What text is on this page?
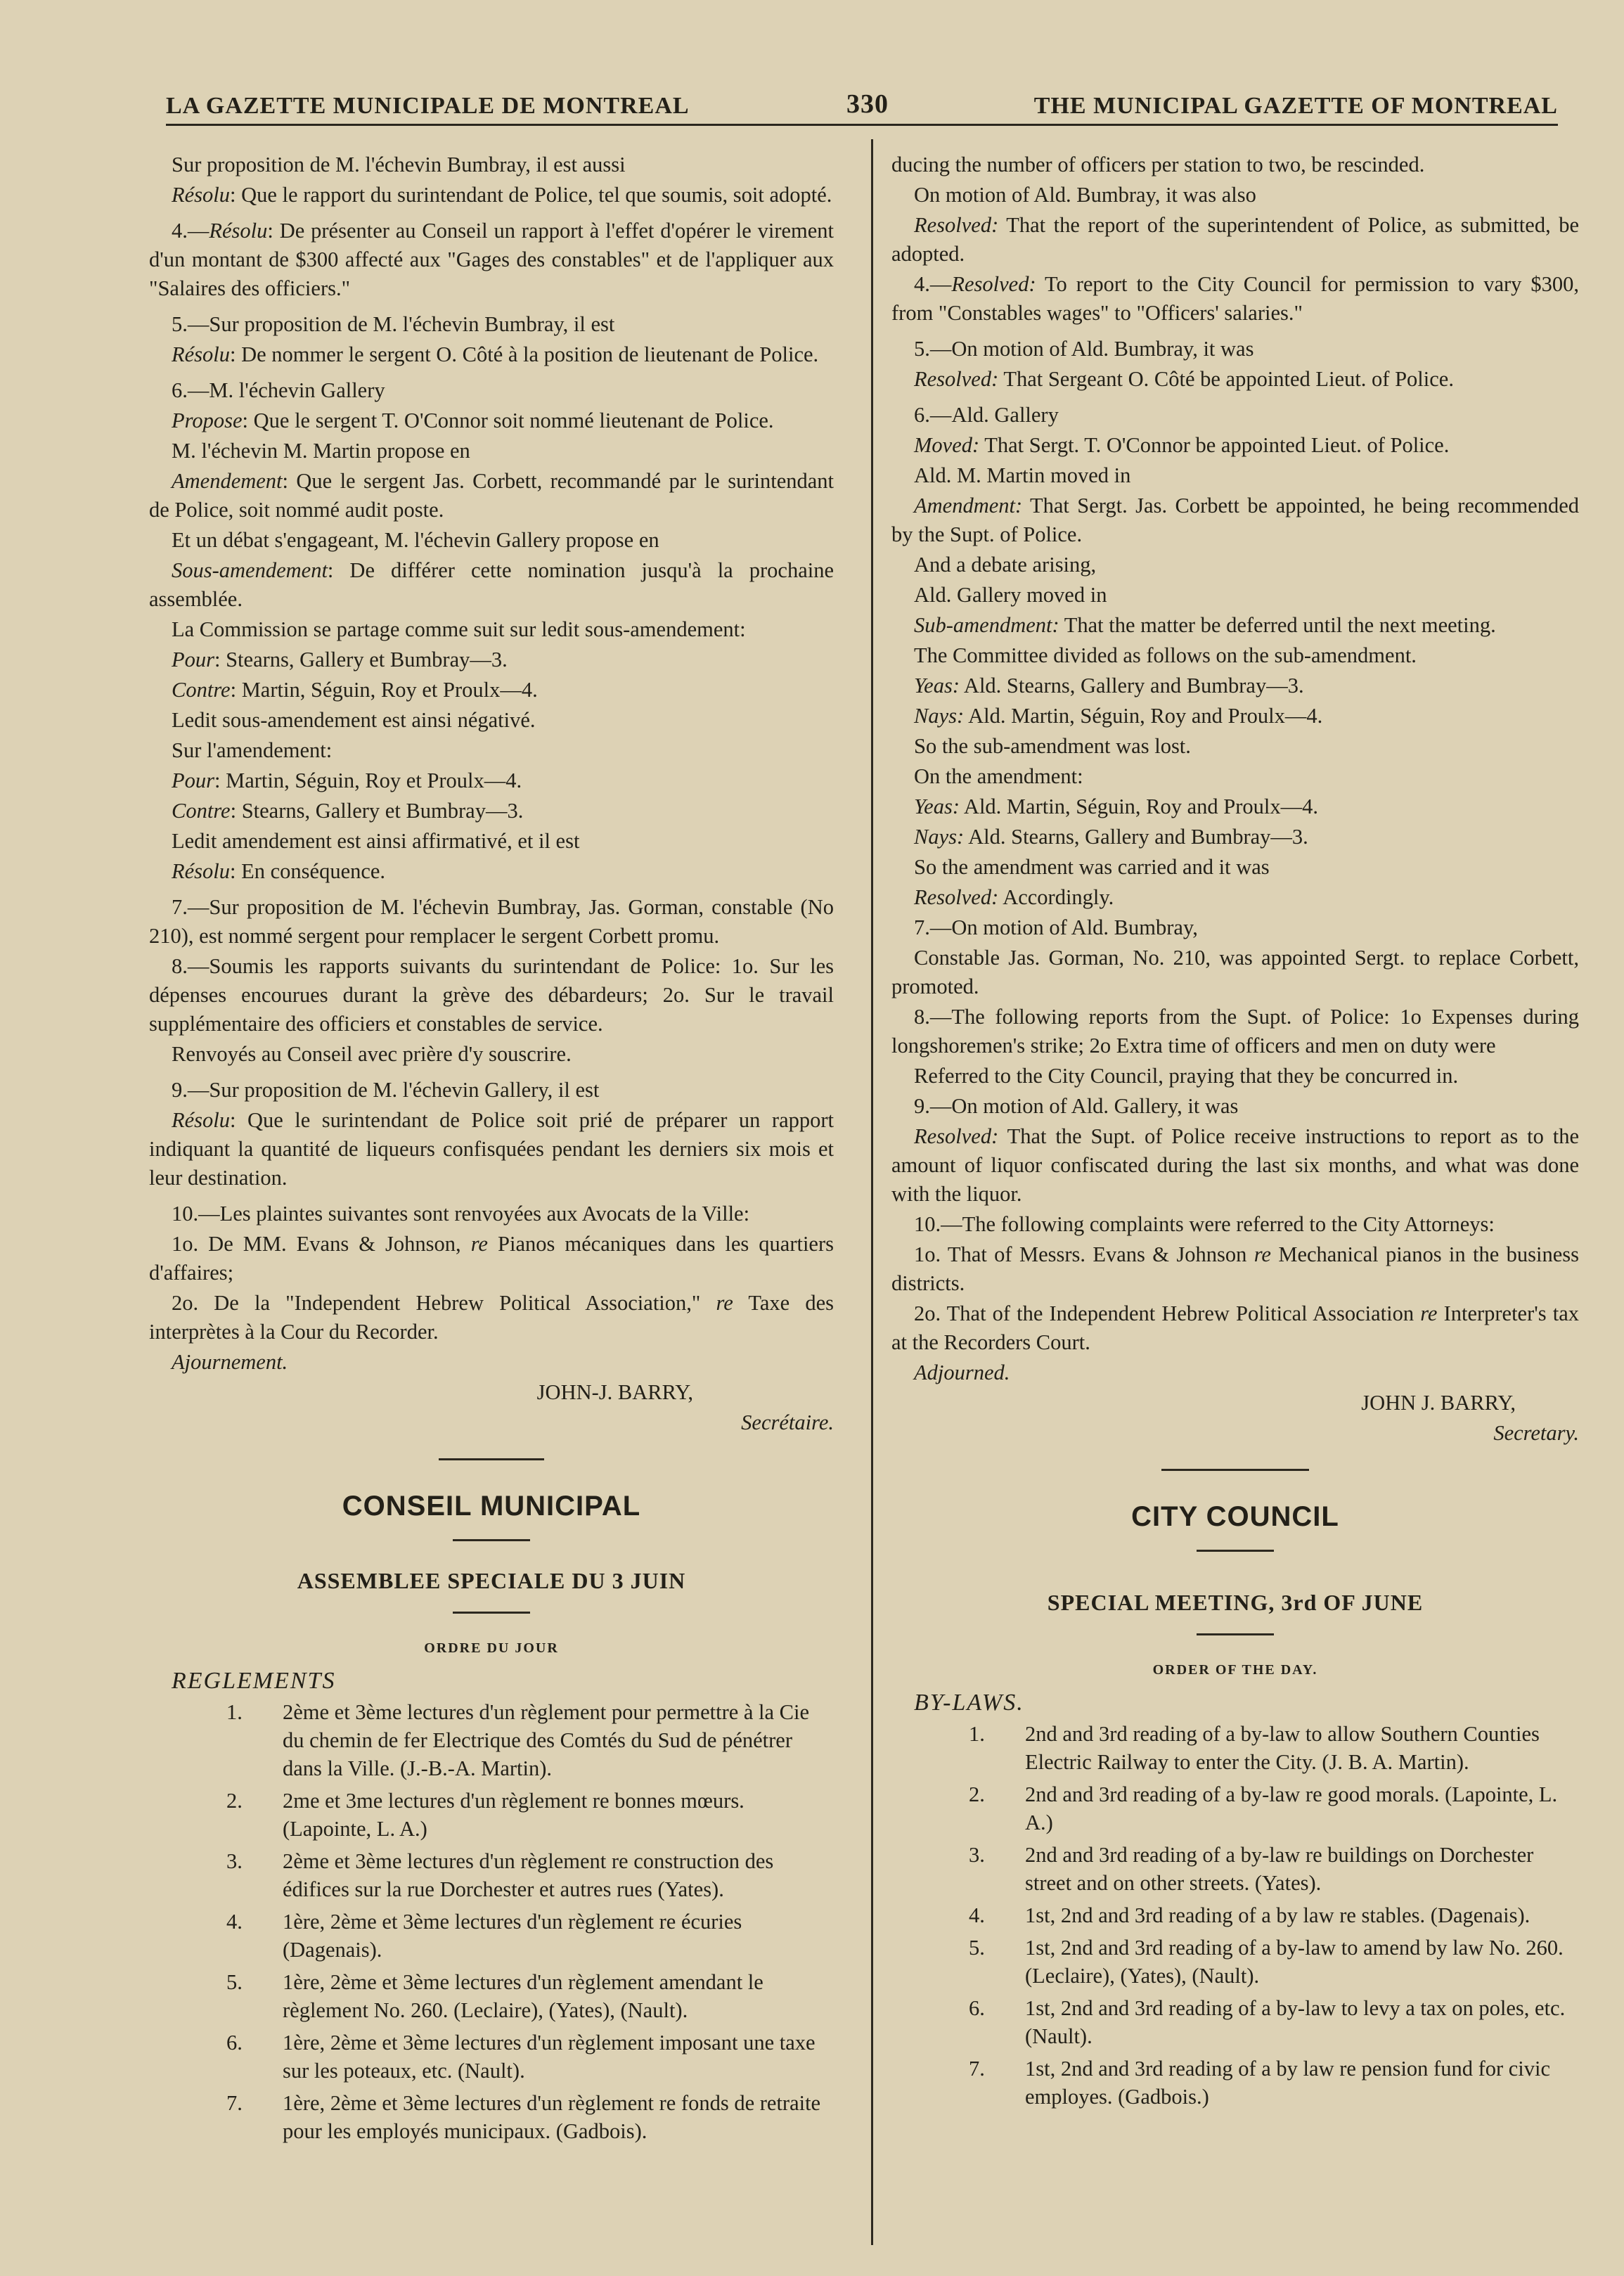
LA GAZETTE MUNICIPALE DE MONTREAL	330	THE MUNICIPAL GAZETTE OF MONTREAL

Sur proposition de M. l'échevin Bumbray, il est aussi

Résolu: Que le rapport du surintendant de Police, tel que soumis, soit adopté.

4.—Résolu: De présenter au Conseil un rapport à l'effet d'opérer le virement d'un montant de $300 affecté aux "Gages des constables" et de l'appliquer aux "Salaires des officiers."

5.—Sur proposition de M. l'échevin Bumbray, il est

Résolu: De nommer le sergent O. Côté à la position de lieutenant de Police.

6.—M. l'échevin Gallery

Propose: Que le sergent T. O'Connor soit nommé lieutenant de Police.

M. l'échevin M. Martin propose en

Amendement: Que le sergent Jas. Corbett, recommandé par le surintendant de Police, soit nommé audit poste.

Et un débat s'engageant, M. l'échevin Gallery propose en

Sous-amendement: De différer cette nomination jusqu'à la prochaine assemblée.

La Commission se partage comme suit sur ledit sous-amendement:

Pour: Stearns, Gallery et Bumbray—3.

Contre: Martin, Séguin, Roy et Proulx—4.

Ledit sous-amendement est ainsi négativé.

Sur l'amendement:

Pour: Martin, Séguin, Roy et Proulx—4.

Contre: Stearns, Gallery et Bumbray—3.

Ledit amendement est ainsi affirmativé, et il est

Résolu: En conséquence.

7.—Sur proposition de M. l'échevin Bumbray, Jas. Gorman, constable (No 210), est nommé sergent pour remplacer le sergent Corbett promu.

8.—Soumis les rapports suivants du surintendant de Police: 1o. Sur les dépenses encourues durant la grève des débardeurs; 2o. Sur le travail supplémentaire des officiers et constables de service.

Renvoyés au Conseil avec prière d'y souscrire.

9.—Sur proposition de M. l'échevin Gallery, il est

Résolu: Que le surintendant de Police soit prié de préparer un rapport indiquant la quantité de liqueurs confisquées pendant les derniers six mois et leur destination.

10.—Les plaintes suivantes sont renvoyées aux Avocats de la Ville:

1o. De MM. Evans & Johnson, re Pianos mécaniques dans les quartiers d'affaires;

2o. De la "Independent Hebrew Political Association," re Taxe des interprètes à la Cour du Recorder.

Ajournement.

JOHN-J. BARRY,

Secrétaire.

CONSEIL MUNICIPAL
ASSEMBLEE SPECIALE DU 3 JUIN
ORDRE DU JOUR

REGLEMENTS

1. 2ème et 3ème lectures d'un règlement pour permettre à la Cie du chemin de fer Electrique des Comtés du Sud de pénétrer dans la Ville. (J.-B.-A. Martin).
2. 2me et 3me lectures d'un règlement re bonnes mœurs. (Lapointe, L. A.)
3. 2ème et 3ème lectures d'un règlement re construction des édifices sur la rue Dorchester et autres rues (Yates).
4. 1ère, 2ème et 3ème lectures d'un règlement re écuries (Dagenais).
5. 1ère, 2ème et 3ème lectures d'un règlement amendant le règlement No. 260. (Leclaire), (Yates), (Nault).
6. 1ère, 2ème et 3ème lectures d'un règlement imposant une taxe sur les poteaux, etc. (Nault).
7. 1ère, 2ème et 3ème lectures d'un règlement re fonds de retraite pour les employés municipaux. (Gadbois).

ducing the number of officers per station to two, be rescinded.

On motion of Ald. Bumbray, it was also

Resolved: That the report of the superintendent of Police, as submitted, be adopted.

4.—Resolved: To report to the City Council for permission to vary $300, from "Constables wages" to "Officers' salaries."

5.—On motion of Ald. Bumbray, it was

Resolved: That Sergeant O. Côté be appointed Lieut. of Police.

6.—Ald. Gallery

Moved: That Sergt. T. O'Connor be appointed Lieut. of Police.

Ald. M. Martin moved in

Amendment: That Sergt. Jas. Corbett be appointed, he being recommended by the Supt. of Police.

And a debate arising,

Ald. Gallery moved in

Sub-amendment: That the matter be deferred until the next meeting.

The Committee divided as follows on the sub-amendment.

Yeas: Ald. Stearns, Gallery and Bumbray—3.

Nays: Ald. Martin, Séguin, Roy and Proulx—4.

So the sub-amendment was lost.

On the amendment:

Yeas: Ald. Martin, Séguin, Roy and Proulx—4.

Nays: Ald. Stearns, Gallery and Bumbray—3.

So the amendment was carried and it was

Resolved: Accordingly.

7.—On motion of Ald. Bumbray,

Constable Jas. Gorman, No. 210, was appointed Sergt. to replace Corbett, promoted.

8.—The following reports from the Supt. of Police: 1o Expenses during longshoremen's strike; 2o Extra time of officers and men on duty were

Referred to the City Council, praying that they be concurred in.

9.—On motion of Ald. Gallery, it was

Resolved: That the Supt. of Police receive instructions to report as to the amount of liquor confiscated during the last six months, and what was done with the liquor.

10.—The following complaints were referred to the City Attorneys:

1o. That of Messrs. Evans & Johnson re Mechanical pianos in the business districts.

2o. That of the Independent Hebrew Political Association re Interpreter's tax at the Recorders Court.

Adjourned.

JOHN J. BARRY,

Secretary.

CITY COUNCIL
SPECIAL MEETING, 3rd OF JUNE
ORDER OF THE DAY.

BY-LAWS.

1. 2nd and 3rd reading of a by-law to allow Southern Counties Electric Railway to enter the City. (J. B. A. Martin).
2. 2nd and 3rd reading of a by-law re good morals. (Lapointe, L. A.)
3. 2nd and 3rd reading of a by-law re buildings on Dorchester street and on other streets. (Yates).
4. 1st, 2nd and 3rd reading of a by law re stables. (Dagenais).
5. 1st, 2nd and 3rd reading of a by-law to amend by law No. 260. (Leclaire), (Yates), (Nault).
6. 1st, 2nd and 3rd reading of a by-law to levy a tax on poles, etc. (Nault).
7. 1st, 2nd and 3rd reading of a by law re pension fund for civic employes. (Gadbois.)
